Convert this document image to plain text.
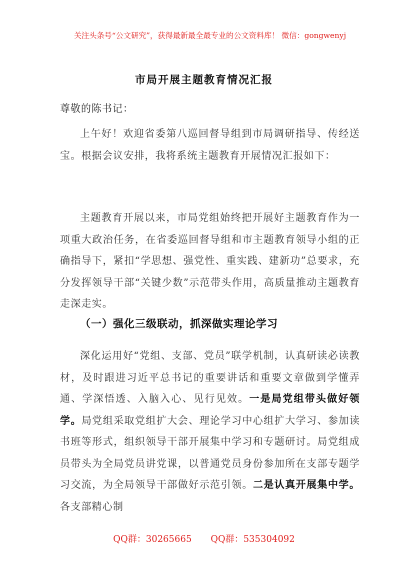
关注头条号“公文研究”，获得最新最全最专业的公文资料库！ 微信：gongwenyj
市局开展主题教育情况汇报
尊敬的陈书记：

上午好！欢迎省委第八巡回督导组到市局调研指导、传经送宝。根据会议安排，我将系统主题教育开展情况汇报如下：

主题教育开展以来，市局党组始终把开展好主题教育作为一项重大政治任务，在省委巡回督导组和市主题教育领导小组的正确指导下，紧扣“学思想、强党性、重实践、建新功”总要求，充分发挥领导干部“关键少数”示范带头作用，高质量推动主题教育走深走实。

（一）强化三级联动，抓深做实理论学习

深化运用好“党组、支部、党员”联学机制，认真研读必读教材，及时跟进习近平总书记的重要讲话和重要文章做到学懂弄通、学深悟透、入脑入心、见行见效。一是局党组带头做好领学。局党组采取党组扩大会、理论学习中心组扩大学习、参加读书班等形式，组织领导干部开展集中学习和专题研讨。局党组成员带头为全局党员讲党课，以普通党员身份参加所在支部专题学习交流，为全局领导干部做好示范引领。二是认真开展集中学。各支部精心制

QQ群：30265665 QQ群：535304092
